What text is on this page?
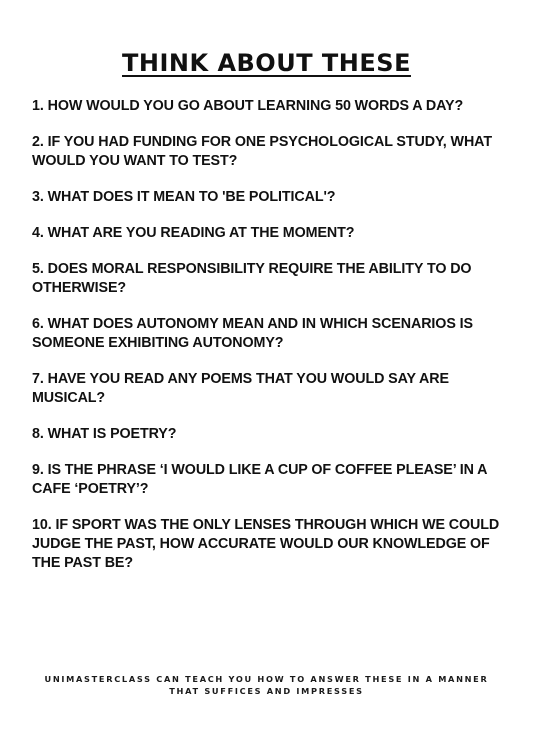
THINK ABOUT THESE
1. HOW WOULD YOU GO ABOUT LEARNING 50 WORDS A DAY?
2. IF YOU HAD FUNDING FOR ONE PSYCHOLOGICAL STUDY, WHAT WOULD YOU WANT TO TEST?
3. WHAT DOES IT MEAN TO 'BE POLITICAL'?
4. WHAT ARE YOU READING AT THE MOMENT?
5. DOES MORAL RESPONSIBILITY REQUIRE THE ABILITY TO DO OTHERWISE?
6. WHAT DOES AUTONOMY MEAN AND IN WHICH SCENARIOS IS SOMEONE EXHIBITING AUTONOMY?
7. HAVE YOU READ ANY POEMS THAT YOU WOULD SAY ARE MUSICAL?
8. WHAT IS POETRY?
9. IS THE PHRASE ‘I WOULD LIKE A CUP OF COFFEE PLEASE’ IN A CAFE ‘POETRY’?
10. IF SPORT WAS THE ONLY LENSES THROUGH WHICH WE COULD JUDGE THE PAST, HOW ACCURATE WOULD OUR KNOWLEDGE OF THE PAST BE?
UNIMASTERCLASS CAN TEACH YOU HOW TO ANSWER THESE IN A MANNER THAT SUFFICES AND IMPRESSES
